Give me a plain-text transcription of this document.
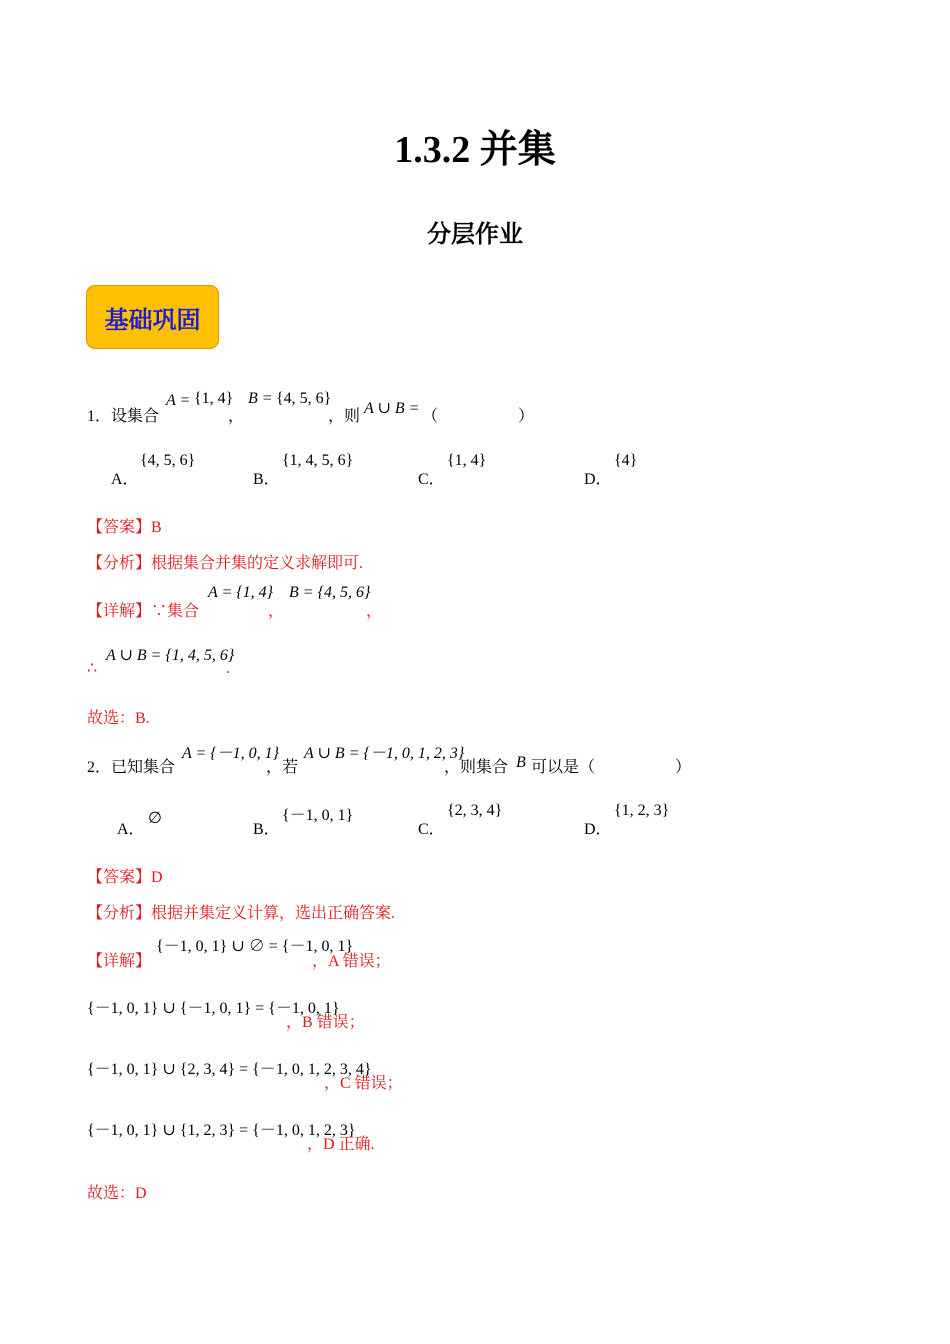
1.3.2 并集
分层作业
基础巩固
1．设集合
A = {1, 4}
，
B = {4, 5, 6}
，则 A ∪ B = （　　　　　）
A．
{4, 5, 6}
B．
{1, 4, 5, 6}
C．
{1, 4}
D．
{4}
【答案】B
【分析】根据集合并集的定义求解即可.
【详解】∵集合
A = {1, 4}
，
B = {4, 5, 6}
，
∴
A ∪ B = {1, 4, 5, 6}
.
故选：B.
2．已知集合
A = {－1, 0, 1}
，若
A ∪ B = {－1, 0, 1, 2, 3}
，则集合 B 可以是（　　　　　）
A．
∅
B．
{－1, 0, 1}
C．
{2, 3, 4}
D．
{1, 2, 3}
【答案】D
【分析】根据并集定义计算，选出正确答案.
【详解】
{－1, 0, 1} ∪ ∅ = {－1, 0, 1}
，A 错误；
{－1, 0, 1} ∪ {－1, 0, 1} = {－1, 0, 1}
，B 错误；
{－1, 0, 1} ∪ {2, 3, 4} = {－1, 0, 1, 2, 3, 4}
，C 错误；
{－1, 0, 1} ∪ {1, 2, 3} = {－1, 0, 1, 2, 3}
，D 正确.
故选：D
